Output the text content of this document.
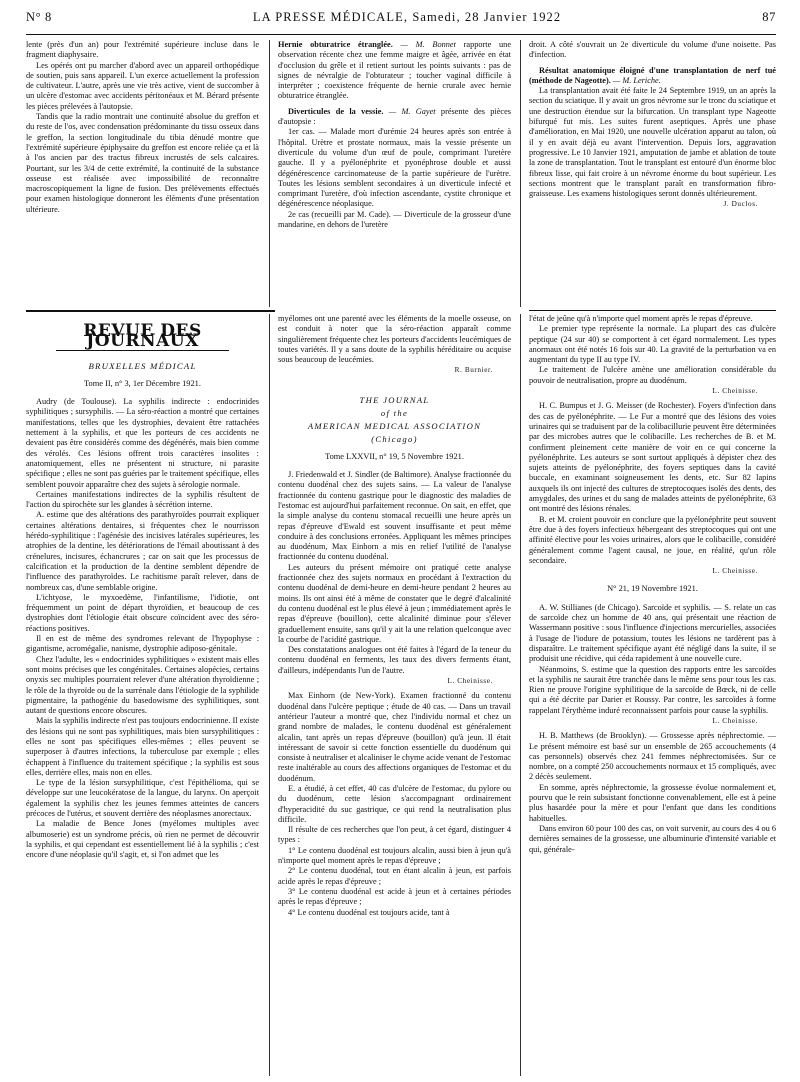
N° 8	LA PRESSE MÉDICALE, Samedi, 28 Janvier 1922	87

lente (près d'un an) pour l'extrémité supérieure incluse dans le fragment diaphysaire.

Les opérés ont pu marcher d'abord avec un appareil orthopédique de soutien, puis sans appareil. L'un exerce actuellement la profession de cultivateur. L'autre, après une vie très active, vient de succomber à un ulcère d'estomac avec accidents péritonéaux et M. Bérard présente les pièces prélevées à l'autopsie.

Tandis que la radio montrait une continuité absolue du greffon et du reste de l'os, avec condensation prédominante du tissu osseux dans le greffon, la section longitudinale du tibia dénudé montre que l'extrémité supérieure épiphysaire du greffon est encore reliée ça et là à l'os ancien par des tractus fibreux incrustés de sels calcaires. Pourtant, sur les 3/4 de cette extrémité, la continuité de la substance osseuse est réalisée avec impossibilité de reconnaître macroscopiquement la ligne de fusion. Des prélèvements effectués pour examen histologique donneront les éléments d'une présentation ultérieure.

Hernie obturatrice étranglée. — M. Bonnet rapporte une observation récente chez une femme maigre et âgée, arrivée en état d'occlusion du grêle et il retient surtout les points suivants : pas de signes de névralgie de l'obturateur ; toucher vaginal difficile à interpréter ; coexistence fréquente de hernie crurale avec hernie obturatrice étranglée.

Diverticules de la vessie. — M. Gayet présente des pièces d'autopsie :

1er cas. — Malade mort d'urémie 24 heures après son entrée à l'hôpital. Urètre et prostate normaux, mais la vessie présente un diverticule du volume d'un œuf de poule, comprimant l'uretère gauche. Il y a pyélonéphrite et pyonéphrose double et aussi dégénérescence carcinomateuse de la partie supérieure de l'urètre. Toutes les lésions semblent secondaires à un diverticule infecté et comprimant l'uretère, d'où infection ascendante, cystite chronique et dégénérescence néoplasique.

2e cas (recueilli par M. Cade). — Diverticule de la grosseur d'une mandarine, en dehors de l'uretère

droit. A côté s'ouvrait un 2e diverticule du volume d'une noisette. Pas d'infection.

Résultat anatomique éloigné d'une transplantation de nerf tué (méthode de Nageotte). — M. Leriche.

La transplantation avait été faite le 24 Septembre 1919, un an après la section du sciatique. Il y avait un gros névrome sur le tronc du sciatique et une destruction étendue sur la bifurcation. Un transplant type Nageotte bifurqué fut mis. Les suites furent aseptiques. Après une phase d'amélioration, en Mai 1920, une nouvelle ulcération apparut au talon, où il y en avait déjà eu avant l'intervention. Depuis lors, aggravation progressive. Le 10 Janvier 1921, amputation de jambe et ablation de toute la zone de transplantation. Tout le transplant est entouré d'un énorme bloc fibreux lisse, qui fait croire à un névrome énorme du bout supérieur. Les sections montrent que le transplant paraît en transformation fibro-graisseuse. Les examens histologiques seront donnés ultérieurement.

J. Duclos.
REVUE DES JOURNAUX
BRUXELLES MÉDICAL
Tome II, n° 3, 1er Décembre 1921.

Audry (de Toulouse). La syphilis indirecte : endocrinides syphilitiques ; sursyphilis. — La séro-réaction a montré que certaines manifestations, telles que les dystrophies, devaient être rattachées nettement à la syphilis, et que les porteurs de ces accidents ne devaient pas être considérés comme des dégénérés, mais bien comme des vérolés. Ces lésions offrent trois caractères insolites : anatomiquement, elles ne présentent ni structure, ni parasite spécifique ; elles ne sont pas guéries par le traitement spécifique, elles semblent pouvoir apparaître chez des sujets à sérologie normale.

Certaines manifestations indirectes de la syphilis résultent de l'action du spirochète sur les glandes à sécrétion interne.

A. estime que des altérations des parathyroïdes pourrait expliquer certaines altérations dentaires, si fréquentes chez le nourrisson hérédo-syphilitique : l'agénésie des incisives latérales supérieures, les atrophies de la dentine, les détériorations de l'émail aboutissant à des crénelures, incisures, échancrures ; car on sait que les processus de calcification et la production de la dentine semblent dépendre de l'influence des parathyroïdes. Le rachitisme paraît relever, dans de nombreux cas, d'une semblable origine.

L'ichtyose, le myxoedème, l'infantilisme, l'idiotie, ont fréquemment un point de départ thyroïdien, et beaucoup de ces dystrophies dont l'étiologie était obscure coïncident avec des séro-réactions positives.

Il en est de même des syndromes relevant de l'hypophyse : gigantisme, acromégalie, nanisme, dystrophie adiposo-génitale.

Chez l'adulte, les « endocrinides syphilitiques » existent mais elles sont moins précises que les congénitales. Certaines alopécies, certains onyxis sec multiples pourraient relever d'une altération thyroïdienne ; le rôle de la thyroïde ou de la surrénale dans l'étiologie de la syphilide pigmentaire, la pathogénie du basedowisme des syphilitiques, sont autant de questions encore obscures.

Mais la syphilis indirecte n'est pas toujours endocrinienne. Il existe des lésions qui ne sont pas syphilitiques, mais bien sursyphilitiques : elles ne sont pas spécifiques elles-mêmes ; elles peuvent se superposer à d'autres infections, la tuberculose par exemple ; elles échappent à l'influence du traitement spécifique ; la syphilis est sous elles, derrière elles, mais non en elles.

Le type de la lésion sursyphilitique, c'est l'épithélioma, qui se développe sur une leucokératose de la langue, du larynx. On aperçoit également la syphilis chez les jeunes femmes atteintes de cancers précoces de l'utérus, et souvent derrière des néoplasmes anorectaux.

La maladie de Bence Jones (myélomes multiples avec albumoserie) est un syndrome précis, où rien ne permet de découvrir la syphilis, et qui cependant est essentiellement lié à la syphilis ; c'est encore d'une néoplasie qu'il s'agit, et, si l'on admet que les

myélomes ont une parenté avec les éléments de la moelle osseuse, on est conduit à noter que la séro-réaction apparaît comme singulièrement fréquente chez les porteurs d'accidents leucémiques de toutes variétés. Il y a sans doute de la syphilis héréditaire ou acquise sous beaucoup de leucémies.

R. Burnier.
THE JOURNAL
of the
AMERICAN MEDICAL ASSOCIATION
(Chicago)
Tome LXXVII, n° 19, 5 Novembre 1921.

J. Friedenwald et J. Sindler (de Baltimore). Analyse fractionnée du contenu duodénal chez des sujets sains. — La valeur de l'analyse fractionnée du contenu gastrique pour le diagnostic des maladies de l'estomac est aujourd'hui parfaitement reconnue. On sait, en effet, que la simple analyse du contenu stomacal recueilli une heure après un repas d'épreuve d'Ewald est souvent insuffisante et peut même conduire à des conclusions erronées. Appliquant les mêmes principes au duodénum, Max Einhorn a mis en relief l'utilité de l'analyse fractionnée du contenu duodénal.

Les auteurs du présent mémoire ont pratiqué cette analyse fractionnée chez des sujets normaux en procédant à l'extraction du contenu duodénal de demi-heure en demi-heure pendant 2 heures au moins. Ils ont ainsi été à même de constater que le degré d'alcalinité du contenu duodénal est le plus élevé à jeun ; immédiatement après le repas d'épreuve (bouillon), cette alcalinité diminue pour s'élever graduellement ensuite, sans qu'il y ait la une relation quelconque avec la courbe de l'acidité gastrique.

Des constatations analogues ont été faites à l'égard de la teneur du contenu duodénal en ferments, les taux des divers ferments étant, d'ailleurs, indépendants l'un de l'autre.

L. Cheinisse.

Max Einhorn (de New-York). Examen fractionné du contenu duodénal dans l'ulcère peptique ; étude de 40 cas. — Dans un travail antérieur l'auteur a montré que, chez l'individu normal et chez un grand nombre de malades, le contenu duodénal est généralement alcalin, tant après un repas d'épreuve (bouillon) qu'à jeun. Il était intéressant de savoir si cette fonction essentielle du duodénum qui consiste à neutraliser et alcaliniser le chyme acide venant de l'estomac reste inaltérable au cours des affections organiques de l'estomac et du duodénum.

E. a étudié, à cet effet, 40 cas d'ulcère de l'estomac, du pylore ou du duodénum, cette lésion s'accompagnant ordinairement d'hyperacidité du suc gastrique, ce qui rend la neutralisation plus difficile.

Il résulte de ces recherches que l'on peut, à cet égard, distinguer 4 types :

1° Le contenu duodénal est toujours alcalin, aussi bien à jeun qu'à n'importe quel moment après le repas d'épreuve ;

2° Le contenu duodénal, tout en étant alcalin à jeun, est parfois acide après le repas d'épreuve ;

3° Le contenu duodénal est acide à jeun et à certaines périodes après le repas d'épreuve ;

4° Le contenu duodénal est toujours acide, tant à

l'état de jeûne qu'à n'importe quel moment après le repas d'épreuve.

Le premier type représente la normale. La plupart des cas d'ulcère peptique (24 sur 40) se comportent à cet égard normalement. Les types anormaux ont été notés 16 fois sur 40. La gravité de la perturbation va en augmentant du type II au type IV.

Le traitement de l'ulcère amène une amélioration considérable du pouvoir de neutralisation, propre au duodénum.

L. Cheinisse.

H. C. Bumpus et J. G. Meisser (de Rochester). Foyers d'infection dans des cas de pyélonéphrite. — Le Fur a montré que des lésions des voies urinaires qui se traduisent par de la colibacillurie peuvent être déterminées par des microbes autres que le colibacille. Les recherches de B. et M. confirment pleinement cette manière de voir en ce qui concerne la pyélonéphrite. Les auteurs se sont surtout appliqués à dépister chez des sujets atteints de pyélonéphrite, des foyers septiques dans la cavité buccale, en examinant soigneusement les dents, etc. Sur 82 lapins auxquels ils ont injecté des cultures de streptocoques isolés des dents, des amygdales, des urines et du sang de malades atteints de pyélonéphrite, 63 ont montré des lésions rénales.

B. et M. croient pouvoir en conclure que la pyélonéphrite peut souvent être due à des foyers infectieux hébergeant des streptocoques qui ont une affinité élective pour les voies urinaires, alors que le colibacille, considéré généralement comme l'agent causal, ne joue, en réalité, qu'un rôle secondaire.

L. Cheinisse.
N° 21, 19 Novembre 1921.

A. W. Stillianes (de Chicago). Sarcoïde et syphilis. — S. relate un cas de sarcoïde chez un homme de 40 ans, qui présentait une réaction de Wassermann positive : sous l'influence d'injections mercurielles, associées à l'usage de l'iodure de potassium, toutes les lésions ne tardèrent pas à disparaître. Le traitement spécifique ayant été négligé dans la suite, il se produisit une récidive, qui céda rapidement à une nouvelle cure.

Néanmoins, S. estime que la question des rapports entre les sarcoïdes et la syphilis ne saurait être tranchée dans le même sens pour tous les cas. Rien ne prouve l'origine syphilitique de la sarcoïde de Bœck, ni de celle qui a été décrite par Darier et Roussy. Par contre, les sarcoïdes à forme rappelant l'érythème induré reconnaissent parfois pour cause la syphilis.

L. Cheinisse.

H. B. Matthews (de Brooklyn). — Grossesse après néphrectomie. — Le présent mémoire est basé sur un ensemble de 265 accouchements (4 cas personnels) observés chez 241 femmes néphrectomisées. Sur ce nombre, on a compté 250 accouchements normaux et 15 compliqués, avec 2 décès seulement.

En somme, après néphrectomie, la grossesse évolue normalement et, pourvu que le rein subsistant fonctionne convenablement, elle est à peine plus hasardée pour la mère et pour l'enfant que dans les conditions habituelles.

Dans environ 60 pour 100 des cas, on voit survenir, au cours des 4 ou 6 dernières semaines de la grossesse, une albuminurie d'intensité variable et qui, générale-
